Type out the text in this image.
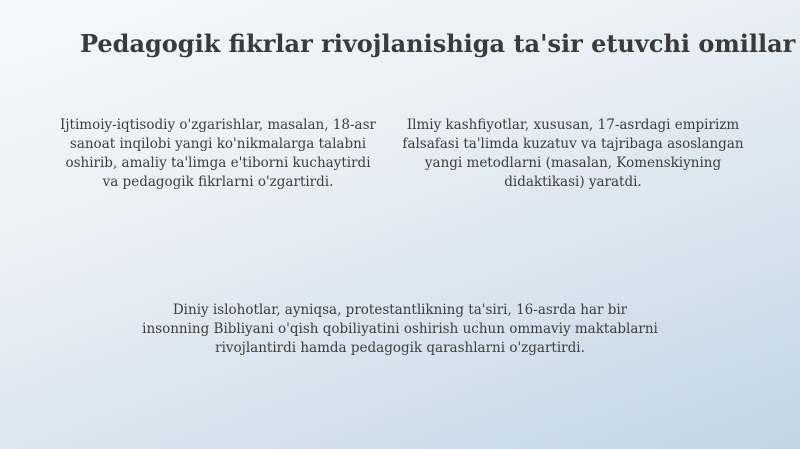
Pedagogik fikrlar rivojlanishiga ta'sir etuvchi omillar

Ijtimoiy-iqtisodiy o'zgarishlar, masalan, 18-asr sanoat inqilobi yangi ko'nikmalarga talabni oshirib, amaliy ta'limga e'tiborni kuchaytirdi va pedagogik fikrlarni o'zgartirdi.

Ilmiy kashfiyotlar, xususan, 17-asrdagi empirizm falsafasi ta'limda kuzatuv va tajribaga asoslangan yangi metodlarni (masalan, Komenskiyning didaktikasi) yaratdi.

Diniy islohotlar, ayniqsa, protestantlikning ta'siri, 16-asrda har bir insonning Bibliyani o'qish qobiliyatini oshirish uchun ommaviy maktablarni rivojlantirdi hamda pedagogik qarashlarni o'zgartirdi.
